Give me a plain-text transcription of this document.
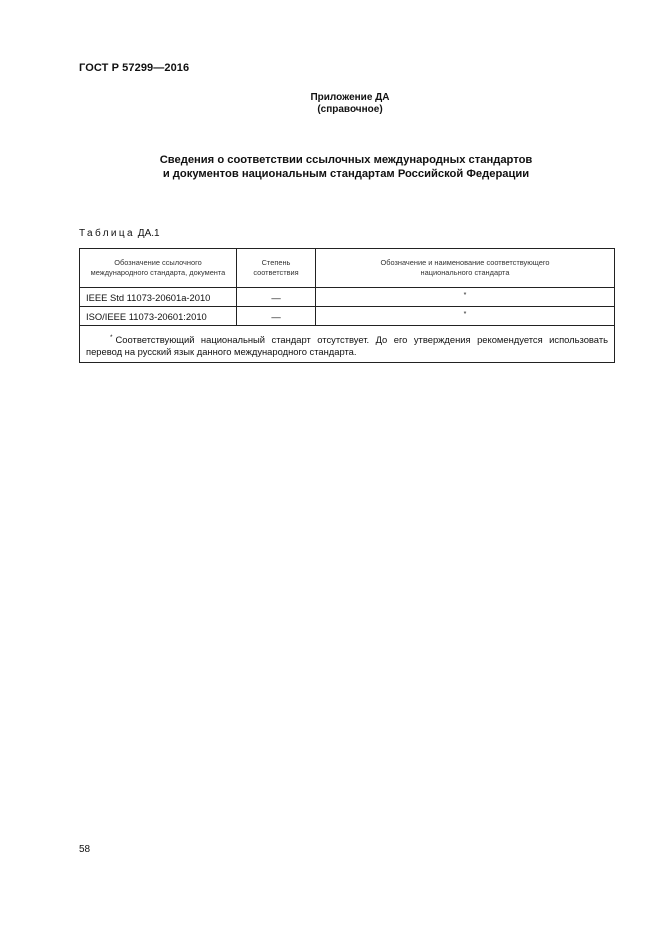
ГОСТ Р 57299—2016
Приложение ДА
(справочное)
Сведения о соответствии ссылочных международных стандартов
и документов национальным стандартам Российской Федерации
Таблица ДА.1
Обозначение ссылочного международного стандарта, документа	Степень соответствия	Обозначение и наименование соответствующего национального стандарта
IEEE Std 11073-20601a-2010	—	*
ISO/IEEE 11073-20601:2010	—	*
* Соответствующий национальный стандарт отсутствует. До его утверждения рекомендуется использовать перевод на русский язык данного международного стандарта.		
58
